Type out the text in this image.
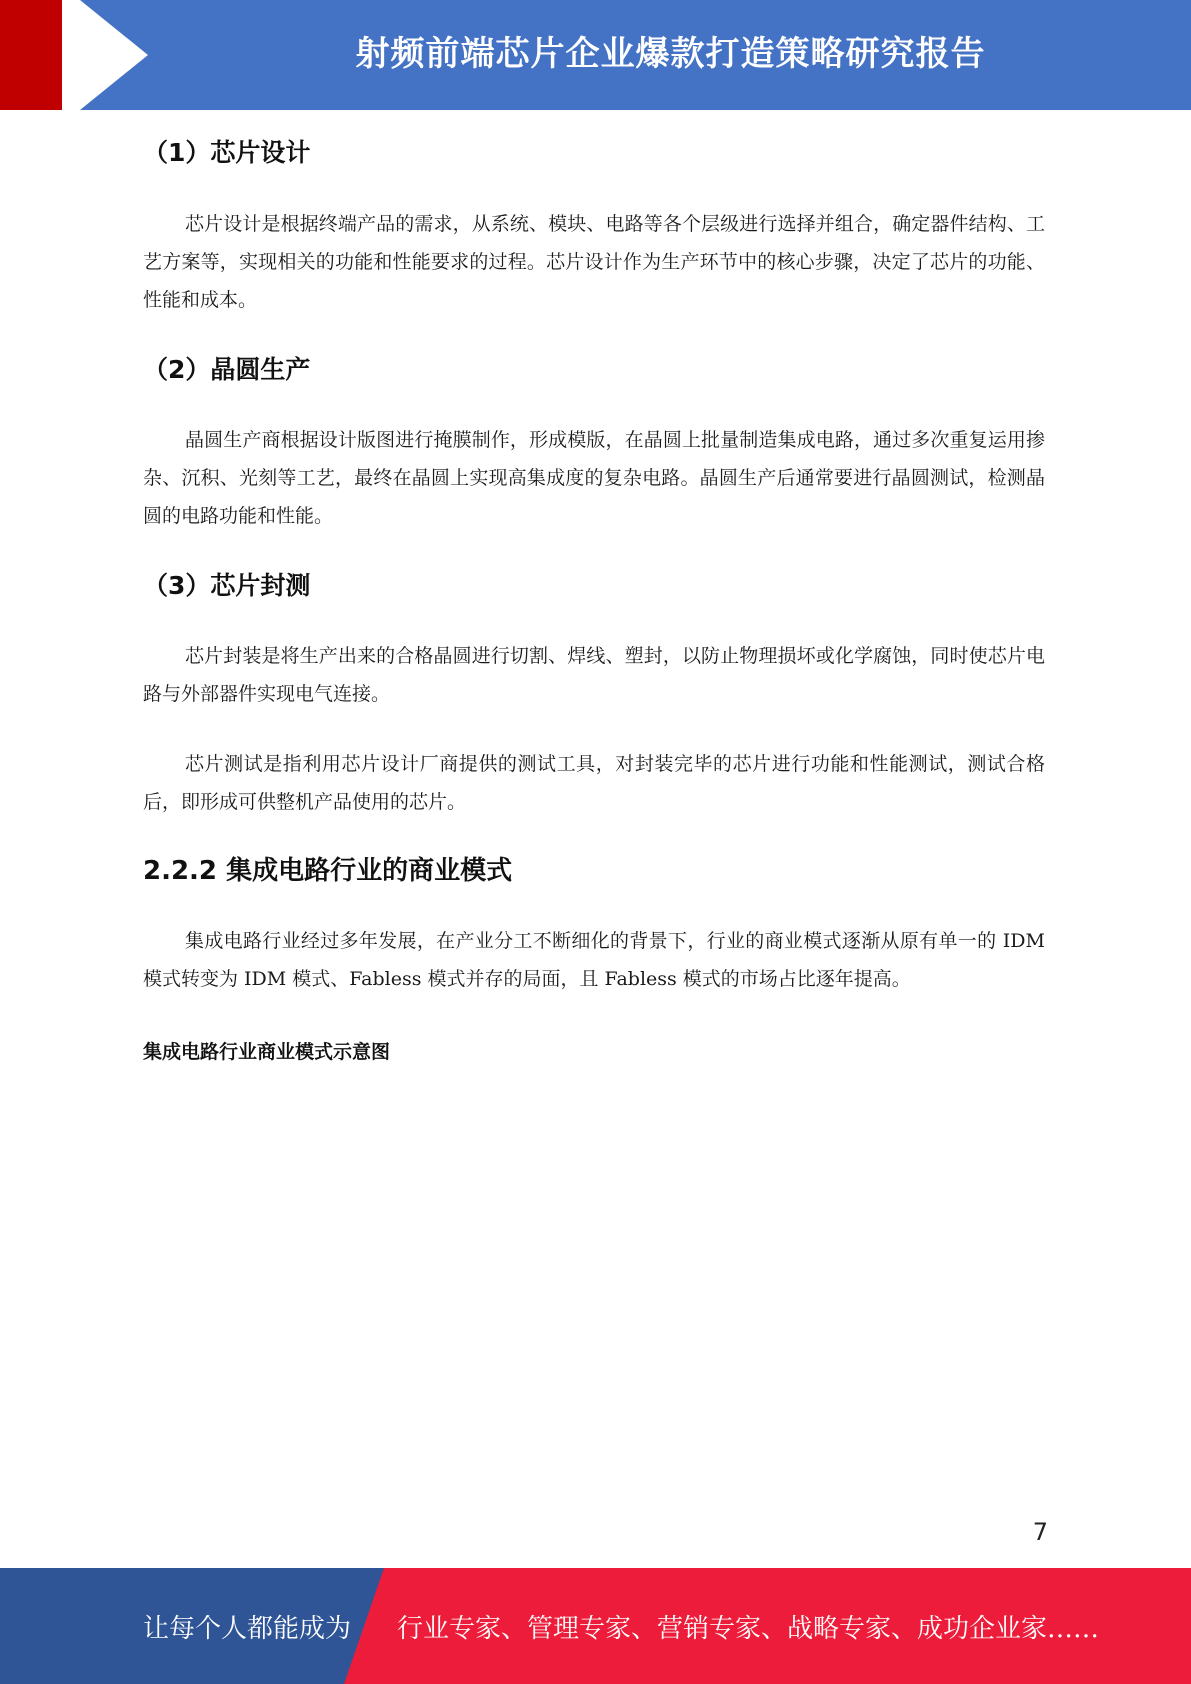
射频前端芯片企业爆款打造策略研究报告
（1）芯片设计

芯片设计是根据终端产品的需求，从系统、模块、电路等各个层级进行选择并组合，确定器件结构、工艺方案等，实现相关的功能和性能要求的过程。芯片设计作为生产环节中的核心步骤，决定了芯片的功能、性能和成本。

（2）晶圆生产

晶圆生产商根据设计版图进行掩膜制作，形成模版，在晶圆上批量制造集成电路，通过多次重复运用掺杂、沉积、光刻等工艺，最终在晶圆上实现高集成度的复杂电路。晶圆生产后通常要进行晶圆测试，检测晶圆的电路功能和性能。

（3）芯片封测

芯片封装是将生产出来的合格晶圆进行切割、焊线、塑封，以防止物理损坏或化学腐蚀，同时使芯片电路与外部器件实现电气连接。

芯片测试是指利用芯片设计厂商提供的测试工具，对封装完毕的芯片进行功能和性能测试，测试合格后，即形成可供整机产品使用的芯片。

2.2.2 集成电路行业的商业模式

集成电路行业经过多年发展，在产业分工不断细化的背景下，行业的商业模式逐渐从原有单一的 IDM 模式转变为 IDM 模式、Fabless 模式并存的局面，且 Fabless 模式的市场占比逐年提高。

集成电路行业商业模式示意图

7

让每个人都能成为 行业专家、管理专家、营销专家、战略专家、成功企业家……
